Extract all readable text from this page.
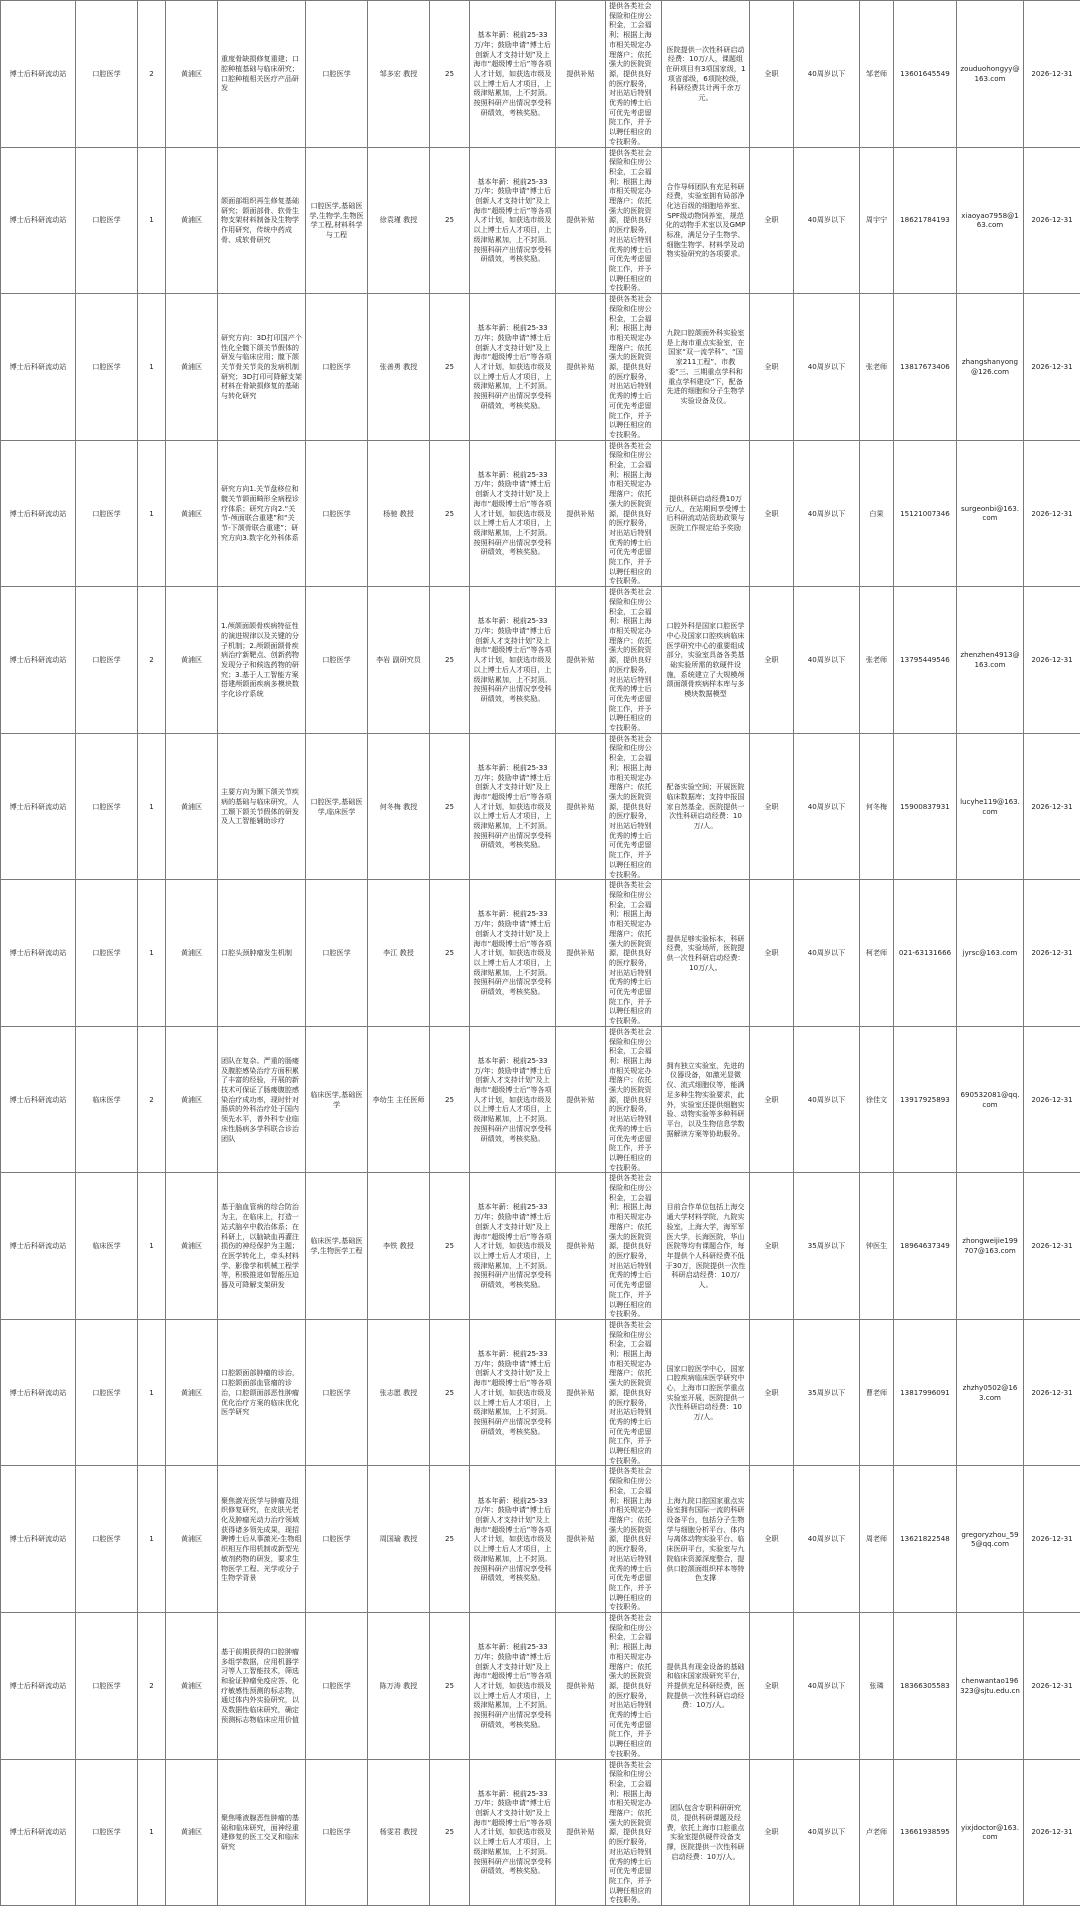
博士后科研流动站	口腔医学	2	黄浦区	重度骨缺损修复重建；口腔种植基础与临床研究；口腔种植相关医疗产品研发	口腔医学	邹多宏 教授	25	基本年薪：税前25-33万/年；鼓励申请“博士后创新人才支持计划”及上海市“超级博士后”等各项人才计划，如获选市级及以上博士后人才项目，上级津贴累加，上不封顶。按照科研产出情况享受科研绩效，考核奖励。	提供补贴	提供各类社会保险和住房公积金，工会福利；根据上海市相关规定办理落户；依托强大的医院资源，提供良好的医疗服务，对出站后特别优秀的博士后可优先考虑留院工作，并予以聘任相应的专技职务。	医院提供一次性科研启动经费：10万/人，课题组在研项目有3项国家级，1项省部级，6项院校级，科研经费共计两千余万元。	全职	40周岁以下	邹老师	13601645549	zouduohongyy@163.com	2026-12-31
博士后科研流动站	口腔医学	1	黄浦区	颌面部组织再生修复基础研究；颌面部骨、软骨生物支架材料制备及生物学作用研究，传统中药成骨、成软骨研究	口腔医学,基础医学,生物学,生物医学工程,材料科学与工程	徐袁瑾 教授	25	基本年薪：税前25-33万/年；鼓励申请“博士后创新人才支持计划”及上海市“超级博士后”等各项人才计划，如获选市级及以上博士后人才项目，上级津贴累加，上不封顶。按照科研产出情况享受科研绩效，考核奖励。	提供补贴	提供各类社会保险和住房公积金，工会福利；根据上海市相关规定办理落户；依托强大的医院资源，提供良好的医疗服务，对出站后特别优秀的博士后可优先考虑留院工作，并予以聘任相应的专技职务。	合作导师团队有充足科研经费，实验室拥有局部净化达百级的细胞培养室、SPF级动物饲养室，规范化的动物手术室以及GMP标准，满足分子生物学、细胞生物学、材料学及动物实验研究的各项要求。	全职	40周岁以下	周宇宁	18621784193	xiaoyao7958@163.com	2026-12-31
博士后科研流动站	口腔医学	1	黄浦区	研究方向：3D打印国产个性化全髋下颌关节假体的研发与临床应用；髋下颌关节骨关节炎的发病机制研究；3D打印可降解支架材料在骨缺损修复的基础与转化研究	口腔医学	张善勇 教授	25	基本年薪：税前25-33万/年；鼓励申请“博士后创新人才支持计划”及上海市“超级博士后”等各项人才计划，如获选市级及以上博士后人才项目，上级津贴累加，上不封顶。按照科研产出情况享受科研绩效，考核奖励。	提供补贴	提供各类社会保险和住房公积金，工会福利；根据上海市相关规定办理落户；依托强大的医院资源，提供良好的医疗服务，对出站后特别优秀的博士后可优先考虑留院工作，并予以聘任相应的专技职务。	九院口腔颌面外科实验室是上海市重点实验室，在国家“双一流学科”、“国家211工程”、市教委“三、三期重点学科和重点学科建设”下，配备先进的细胞和分子生物学实验设备及仪。	全职	40周岁以下	张老师	13817673406	zhangshanyong@126.com	2026-12-31
博士后科研流动站	口腔医学	1	黄浦区	研究方向1.关节盘移位和髋关节颌面畸形全病程诊疗体系；研究方向2.“关节-颅面联合重建”和“关节-下颌骨联合重建”；研究方向3.数字化外科体系	口腔医学	杨驰 教授	25	基本年薪：税前25-33万/年；鼓励申请“博士后创新人才支持计划”及上海市“超级博士后”等各项人才计划，如获选市级及以上博士后人才项目，上级津贴累加，上不封顶。按照科研产出情况享受科研绩效，考核奖励。	提供补贴	提供各类社会保险和住房公积金，工会福利；根据上海市相关规定办理落户；依托强大的医院资源，提供良好的医疗服务，对出站后特别优秀的博士后可优先考虑留院工作，并予以聘任相应的专技职务。	提供科研启动经费10万元/人，在站期间享受博士后科研流动站资助政策与医院工作规定给予奖励	全职	40周岁以下	白果	15121007346	surgeonbi@163.com	2026-12-31
博士后科研流动站	口腔医学	2	黄浦区	1.颅颌面颌骨疾病特征性的演进规律以及关键的分子机制；2.颅颌面颌骨疾病治疗新靶点、创新药物发现分子和候选药物的研究；3.基于人工智能方案搭建颅颌面疾病多模块数字化诊疗系统	口腔医学	李岩 副研究员	25	基本年薪：税前25-33万/年；鼓励申请“博士后创新人才支持计划”及上海市“超级博士后”等各项人才计划，如获选市级及以上博士后人才项目，上级津贴累加，上不封顶。按照科研产出情况享受科研绩效，考核奖励。	提供补贴	提供各类社会保险和住房公积金，工会福利；根据上海市相关规定办理落户；依托强大的医院资源，提供良好的医疗服务，对出站后特别优秀的博士后可优先考虑留院工作，并予以聘任相应的专技职务。	口腔外科是国家口腔医学中心及国家口腔疾病临床医学研究中心的重要组成部分，实验室具备各类基础实验所需的软硬件设施，系统建立了大规模颅颌面颌骨疾病样本库与多模块数据模型	全职	40周岁以下	张老师	13795449546	zhenzhen4913@163.com	2026-12-31
博士后科研流动站	口腔医学	1	黄浦区	主要方向为颞下颌关节疾病的基础与临床研究，人工颞下颌关节假体的研发及人工智能辅助诊疗	口腔医学,基础医学,临床医学	何冬梅 教授	25	基本年薪：税前25-33万/年；鼓励申请“博士后创新人才支持计划”及上海市“超级博士后”等各项人才计划，如获选市级及以上博士后人才项目，上级津贴累加，上不封顶。按照科研产出情况享受科研绩效，考核奖励。	提供补贴	提供各类社会保险和住房公积金，工会福利；根据上海市相关规定办理落户；依托强大的医院资源，提供良好的医疗服务，对出站后特别优秀的博士后可优先考虑留院工作，并予以聘任相应的专技职务。	配备实验空间；开展医院临床数据库；支持申报国家自然基金，医院提供一次性科研启动经费：10万/人。	全职	40周岁以下	何冬梅	15900837931	lucyhe119@163.com	2026-12-31
博士后科研流动站	口腔医学	1	黄浦区	口腔头颈肿瘤发生机制	口腔医学	李江 教授	25	基本年薪：税前25-33万/年；鼓励申请“博士后创新人才支持计划”及上海市“超级博士后”等各项人才计划，如获选市级及以上博士后人才项目，上级津贴累加，上不封顶。按照科研产出情况享受科研绩效，考核奖励。	提供补贴	提供各类社会保险和住房公积金，工会福利；根据上海市相关规定办理落户；依托强大的医院资源，提供良好的医疗服务，对出站后特别优秀的博士后可优先考虑留院工作，并予以聘任相应的专技职务。	提供足够实验标本，科研经费，实验场所，医院提供一次性科研启动经费：10万/人。	全职	40周岁以下	柯老师	021-63131666	jyrsc@163.com	2026-12-31
博士后科研流动站	临床医学	2	黄浦区	团队在复杂、严重的肠瘘及腹腔感染治疗方面积累了丰富的经验，开展的新技术可保证了肠瘘腹腔感染治疗成功率，现时针对肠质的外科治疗处于国内领先水平，普外科专业临床性肠病多学科联合诊治团队	临床医学,基础医学	李幼生 主任医师	25	基本年薪：税前25-33万/年；鼓励申请“博士后创新人才支持计划”及上海市“超级博士后”等各项人才计划，如获选市级及以上博士后人才项目，上级津贴累加，上不封顶。按照科研产出情况享受科研绩效，考核奖励。	提供补贴	提供各类社会保险和住房公积金，工会福利；根据上海市相关规定办理落户；依托强大的医院资源，提供良好的医疗服务，对出站后特别优秀的博士后可优先考虑留院工作，并予以聘任相应的专技职务。	拥有独立实验室，先进的仪器设备，如激光显微仪、流式细胞仪等，能满足多种生物实验要求，此外，实验室还提供细胞实验、动物实验等多种科研平台，以及生物信息学数据解读方案等协助服务。	全职	40周岁以下	徐佳文	13917925893	690532081@qq.com	2026-12-31
博士后科研流动站	临床医学	1	黄浦区	基于脑血管病的综合防治为主，在临床上，打造一站式脑卒中救治体系；在科研上，以脑缺血再灌注损伤的神经保护为主题；在医学转化上，牵头材料学、影像学和机械工程学等，积极推进如智能压迫器及可降解支架研发	临床医学,基础医学,生物医学工程	李铁 教授	25	基本年薪：税前25-33万/年；鼓励申请“博士后创新人才支持计划”及上海市“超级博士后”等各项人才计划，如获选市级及以上博士后人才项目，上级津贴累加，上不封顶。按照科研产出情况享受科研绩效，考核奖励。	提供补贴	提供各类社会保险和住房公积金，工会福利；根据上海市相关规定办理落户；依托强大的医院资源，提供良好的医疗服务，对出站后特别优秀的博士后可优先考虑留院工作，并予以聘任相应的专技职务。	目前合作单位包括上海交通大学材料学院，九院实验室，上海大学，海军军医大学，长海医院，华山医院等均有课题合作，每年提供个人科研经费不低于30万，医院提供一次性科研启动经费：10万/人。	全职	35周岁以下	钟医生	18964637349	zhongweijie199707@163.com	2026-12-31
博士后科研流动站	口腔医学	1	黄浦区	口腔颌面部肿瘤的诊治，口腔颌面部血管瘤的诊治，口腔颌面部恶性肿瘤优化治疗方案的临床优化医学研究	口腔医学	张志愿 教授	25	基本年薪：税前25-33万/年；鼓励申请“博士后创新人才支持计划”及上海市“超级博士后”等各项人才计划，如获选市级及以上博士后人才项目，上级津贴累加，上不封顶。按照科研产出情况享受科研绩效，考核奖励。	提供补贴	提供各类社会保险和住房公积金，工会福利；根据上海市相关规定办理落户；依托强大的医院资源，提供良好的医疗服务，对出站后特别优秀的博士后可优先考虑留院工作，并予以聘任相应的专技职务。	国家口腔医学中心，国家口腔疾病临床医学研究中心，上海市口腔医学重点实验室开展，医院提供一次性科研启动经费：10万/人。	全职	35周岁以下	曹老师	13817996091	zhzhy0502@163.com	2026-12-31
博士后科研流动站	口腔医学	1	黄浦区	聚焦激光医学与肿瘤及组织修复研究，在皮肤光老化及肿瘤光动力治疗领域获得诸多领先成果，现招聘博士后从事激光-生物组织相互作用机制或新型光敏剂药物的研发，要求生物医学工程、光学或分子生物学背景	口腔医学	周国瑜 教授	25	基本年薪：税前25-33万/年；鼓励申请“博士后创新人才支持计划”及上海市“超级博士后”等各项人才计划，如获选市级及以上博士后人才项目，上级津贴累加，上不封顶。按照科研产出情况享受科研绩效，考核奖励。	提供补贴	提供各类社会保险和住房公积金，工会福利；根据上海市相关规定办理落户；依托强大的医院资源，提供良好的医疗服务，对出站后特别优秀的博士后可优先考虑留院工作，并予以聘任相应的专技职务。	上海九院口腔国家重点实验室拥有国际一流的科研设备平台，包括分子生物学与细胞分析平台、体内与离体动物实验平台、临床医研平台，实验室与九院临床资源深度整合，提供口腔颌面组织样本等特色支撑	全职	40周岁以下	周老师	13621822548	gregoryzhou_595@qq.com	2026-12-31
博士后科研流动站	口腔医学	2	黄浦区	基于前期获得的口腔肿瘤多组学数据，应用机器学习等人工智能技术，筛选和验证肿瘤免疫应答、化疗敏感性预测的标志物，通过体内外实验研究，以及数据性临床研究，确定预测标志物临床应用价值	口腔医学	陈万涛 教授	25	基本年薪：税前25-33万/年；鼓励申请“博士后创新人才支持计划”及上海市“超级博士后”等各项人才计划，如获选市级及以上博士后人才项目，上级津贴累加，上不封顶。按照科研产出情况享受科研绩效，考核奖励。	提供补贴	提供各类社会保险和住房公积金，工会福利；根据上海市相关规定办理落户；依托强大的医院资源，提供良好的医疗服务，对出站后特别优秀的博士后可优先考虑留院工作，并予以聘任相应的专技职务。	提供具有现金设备的基础和临床国家级研究平台，并提供充足科研经费，医院提供一次性科研启动经费：10万/人。	全职	40周岁以下	张璘	18366305583	chenwantao196323@sjtu.edu.cn	2026-12-31
博士后科研流动站	口腔医学	1	黄浦区	聚焦唾液腺恶性肿瘤的基础和临床研究，面神经重建修复的医工交叉和临床研究	口腔医学	杨雯君 教授	25	基本年薪：税前25-33万/年；鼓励申请“博士后创新人才支持计划”及上海市“超级博士后”等各项人才计划，如获选市级及以上博士后人才项目，上级津贴累加，上不封顶。按照科研产出情况享受科研绩效，考核奖励。	提供补贴	提供各类社会保险和住房公积金，工会福利；根据上海市相关规定办理落户；依托强大的医院资源，提供良好的医疗服务，对出站后特别优秀的博士后可优先考虑留院工作，并予以聘任相应的专技职务。	团队包含专职科研研究员，提供科研课题及经费，依托上海市口腔重点实验室提供硬件设备支撑，医院提供一次性科研启动经费：10万/人。	全职	40周岁以下	卢老师	13661938595	yixjdoctor@163.com	2026-12-31
